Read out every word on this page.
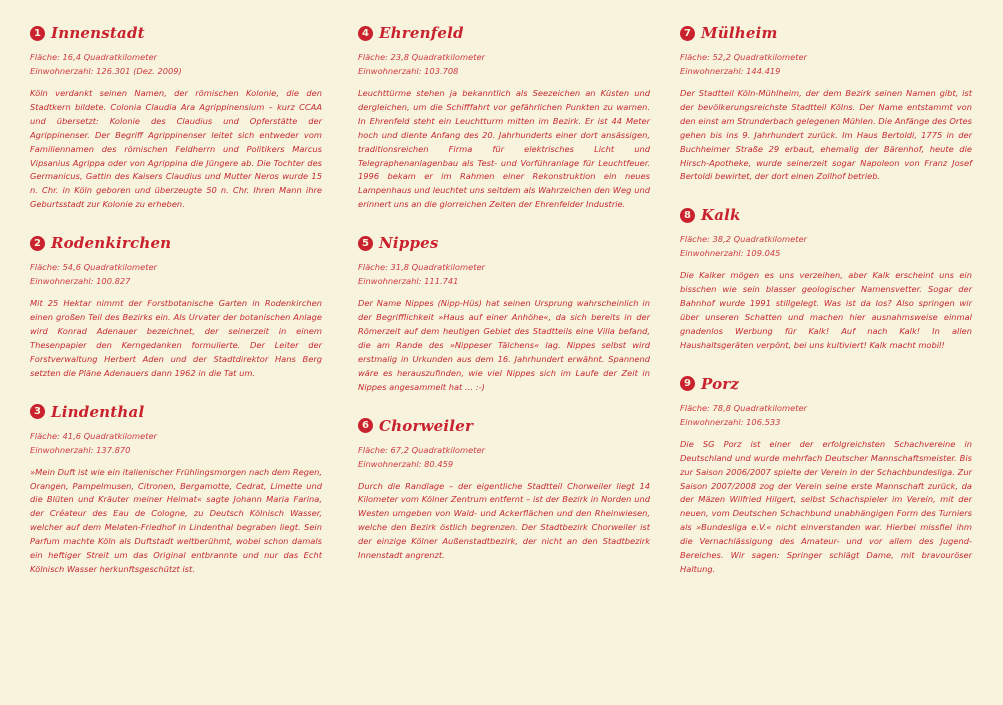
1 Innenstadt
Fläche: 16,4 Quadratkilometer
Einwohnerzahl: 126.301 (Dez. 2009)

Köln verdankt seinen Namen, der römischen Kolonie, die den Stadtkern bildete. Colonia Claudia Ara Agrippinensium – kurz CCAA und übersetzt: Kolonie des Claudius und Opferstätte der Agrippinenser. Der Begriff Agrippinenser leitet sich entweder vom Familiennamen des römischen Feldherrn und Politikers Marcus Vipsanius Agrippa oder von Agrippina die Jüngere ab. Die Tochter des Germanicus, Gattin des Kaisers Claudius und Mutter Neros wurde 15 n. Chr. in Köln geboren und überzeugte 50 n. Chr. Ihren Mann ihre Geburtsstadt zur Kolonie zu erheben.

2 Rodenkirchen
Fläche: 54,6 Quadratkilometer
Einwohnerzahl: 100.827

Mit 25 Hektar nimmt der Forstbotanische Garten in Rodenkirchen einen großen Teil des Bezirks ein. Als Urvater der botanischen Anlage wird Konrad Adenauer bezeichnet, der seinerzeit in einem Thesenpapier den Kerngedanken formulierte. Der Leiter der Forstverwaltung Herbert Aden und der Stadtdirektor Hans Berg setzten die Pläne Adenauers dann 1962 in die Tat um.

3 Lindenthal
Fläche: 41,6 Quadratkilometer
Einwohnerzahl: 137.870

»Mein Duft ist wie ein italienischer Frühlingsmorgen nach dem Regen, Orangen, Pampelmusen, Citronen, Bergamotte, Cedrat, Limette und die Blüten und Kräuter meiner Heimat« sagte Johann Maria Farina, der Créateur des Eau de Cologne, zu Deutsch Kölnisch Wasser, welcher auf dem Melaten-Friedhof in Lindenthal begraben liegt. Sein Parfum machte Köln als Duftstadt weltberühmt, wobei schon damals ein heftiger Streit um das Original entbrannte und nur das Echt Kölnisch Wasser herkunftsgeschützt ist.

4 Ehrenfeld
Fläche: 23,8 Quadratkilometer
Einwohnerzahl: 103.708

Leuchttürme stehen ja bekanntlich als Seezeichen an Küsten und dergleichen, um die Schifffahrt vor gefährlichen Punkten zu warnen. In Ehrenfeld steht ein Leuchtturm mitten im Bezirk. Er ist 44 Meter hoch und diente Anfang des 20. Jahrhunderts einer dort ansässigen, traditionsreichen Firma für elektrisches Licht und Telegraphenanlagenbau als Test- und Vorführanlage für Leuchtfeuer. 1996 bekam er im Rahmen einer Rekonstruktion ein neues Lampenhaus und leuchtet uns seitdem als Wahrzeichen den Weg und erinnert uns an die glorreichen Zeiten der Ehrenfelder Industrie.

5 Nippes
Fläche: 31,8 Quadratkilometer
Einwohnerzahl: 111.741

Der Name Nippes (Nipp-Hüs) hat seinen Ursprung wahrscheinlich in der Begrifflichkeit »Haus auf einer Anhöhe«, da sich bereits in der Römerzeit auf dem heutigen Gebiet des Stadtteils eine Villa befand, die am Rande des »Nippeser Tälchens« lag. Nippes selbst wird erstmalig in Urkunden aus dem 16. Jahrhundert erwähnt. Spannend wäre es herauszufinden, wie viel Nippes sich im Laufe der Zeit in Nippes angesammelt hat … :-)

6 Chorweiler
Fläche: 67,2 Quadratkilometer
Einwohnerzahl: 80.459

Durch die Randlage – der eigentliche Stadtteil Chorweiler liegt 14 Kilometer vom Kölner Zentrum entfernt – ist der Bezirk in Norden und Westen umgeben von Wald- und Ackerflächen und den Rheinwiesen, welche den Bezirk östlich begrenzen. Der Stadtbezirk Chorweiler ist der einzige Kölner Außenstadtbezirk, der nicht an den Stadtbezirk Innenstadt angrenzt.

7 Mülheim
Fläche: 52,2 Quadratkilometer
Einwohnerzahl: 144.419

Der Stadtteil Köln-Mühlheim, der dem Bezirk seinen Namen gibt, ist der bevölkerungsreichste Stadtteil Kölns. Der Name entstammt von den einst am Strunderbach gelegenen Mühlen. Die Anfänge des Ortes gehen bis ins 9. Jahrhundert zurück. Im Haus Bertoldi, 1775 in der Buchheimer Straße 29 erbaut, ehemalig der Bärenhof, heute die Hirsch-Apotheke, wurde seinerzeit sogar Napoleon von Franz Josef Bertoldi bewirtet, der dort einen Zollhof betrieb.

8 Kalk
Fläche: 38,2 Quadratkilometer
Einwohnerzahl: 109.045

Die Kalker mögen es uns verzeihen, aber Kalk erscheint uns ein bisschen wie sein blasser geologischer Namensvetter. Sogar der Bahnhof wurde 1991 stillgelegt. Was ist da los? Also springen wir über unseren Schatten und machen hier ausnahmsweise einmal gnadenlos Werbung für Kalk! Auf nach Kalk! In allen Haushaltsgeräten verpönt, bei uns kultiviert! Kalk macht mobil!

9 Porz
Fläche: 78,8 Quadratkilometer
Einwohnerzahl: 106.533

Die SG Porz ist einer der erfolgreichsten Schachvereine in Deutschland und wurde mehrfach Deutscher Mannschaftsmeister. Bis zur Saison 2006/2007 spielte der Verein in der Schachbundesliga. Zur Saison 2007/2008 zog der Verein seine erste Mannschaft zurück, da der Mäzen Wilfried Hilgert, selbst Schachspieler im Verein, mit der neuen, vom Deutschen Schachbund unabhängigen Form des Turniers als »Bundesliga e.V.« nicht einverstanden war. Hierbei missfiel ihm die Vernachlässigung des Amateur- und vor allem des Jugend-Bereiches. Wir sagen: Springer schlägt Dame, mit bravouröser Haltung.
